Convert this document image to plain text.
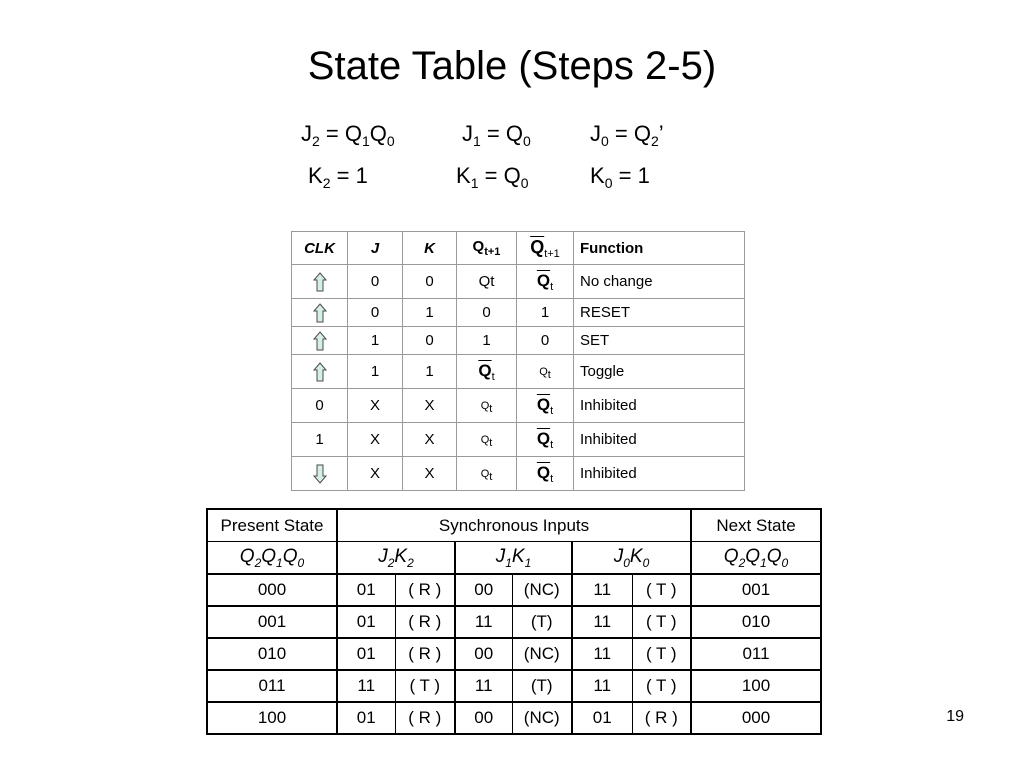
State Table (Steps 2-5)
$J_2 = Q_1Q_0$	$J_1 = Q_0$	$J_0 = Q_2$’
$K_2 = 1$	$K_1 = Q_0$	$K_0 = 1$
CLK	J	K	$Q_{t+1}$	$\overline{Q}_{t+1}$	Function
	0	0	Qt	$\overline{Q}_t$	No change
	0	1	0	1	RESET
	1	0	1	0	SET
	1	1	$\overline{Q}_t$	$Q_t$	Toggle
0	X	X	$Q_t$	$\overline{Q}_t$	Inhibited
1	X	X	$Q_t$	$\overline{Q}_t$	Inhibited
	X	X	$Q_t$	$\overline{Q}_t$	Inhibited
Present State	Synchronous Inputs						Next State
$Q_2Q_1Q_0$	$J_2K_2$		$J_1K_1$		$J_0K_0$		$Q_2Q_1Q_0$
000	01	( R )	00	(NC)	11	( T )	001
001	01	( R )	11	(T)	11	( T )	010
010	01	( R )	00	(NC)	11	( T )	011
011	11	( T )	11	(T)	11	( T )	100
100	01	( R )	00	(NC)	01	( R )	000	19
